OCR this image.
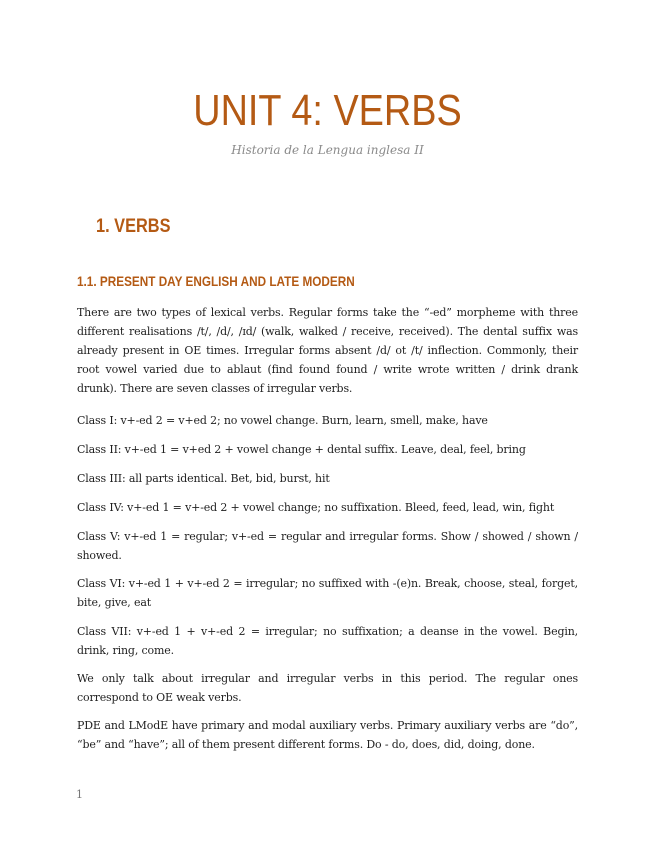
UNIT 4: VERBS

Historia de la Lengua inglesa II

1. VERBS
1.1. PRESENT DAY ENGLISH AND LATE MODERN

There are two types of lexical verbs. Regular forms take the “-ed” morpheme with three different realisations /t/, /d/, /ɪd/ (walk, walked / receive, received). The dental suffix was already present in OE times. Irregular forms absent /d/ ot /t/ inflection. Commonly, their root vowel varied due to ablaut (find found found / write wrote written / drink drank drunk). There are seven classes of irregular verbs.

Class I: v+-ed 2 = v+ed 2; no vowel change. Burn, learn, smell, make, have

Class II: v+-ed 1 = v+ed 2 + vowel change + dental suffix. Leave, deal, feel, bring

Class III: all parts identical. Bet, bid, burst, hit

Class IV: v+-ed 1 = v+-ed 2 + vowel change; no suffixation. Bleed, feed, lead, win, fight

Class V: v+-ed 1 = regular; v+-ed = regular and irregular forms. Show / showed / shown / showed.

Class VI: v+-ed 1 + v+-ed 2 = irregular; no suffixed with -(e)n. Break, choose, steal, forget, bite, give, eat

Class VII: v+-ed 1 + v+-ed 2 = irregular; no suffixation; a deanse in the vowel. Begin, drink, ring, come.

We only talk about irregular and irregular verbs in this period. The regular ones correspond to OE weak verbs.

PDE and LModE have primary and modal auxiliary verbs. Primary auxiliary verbs are “do”, “be” and “have”; all of them present different forms. Do - do, does, did, doing, done.

1
